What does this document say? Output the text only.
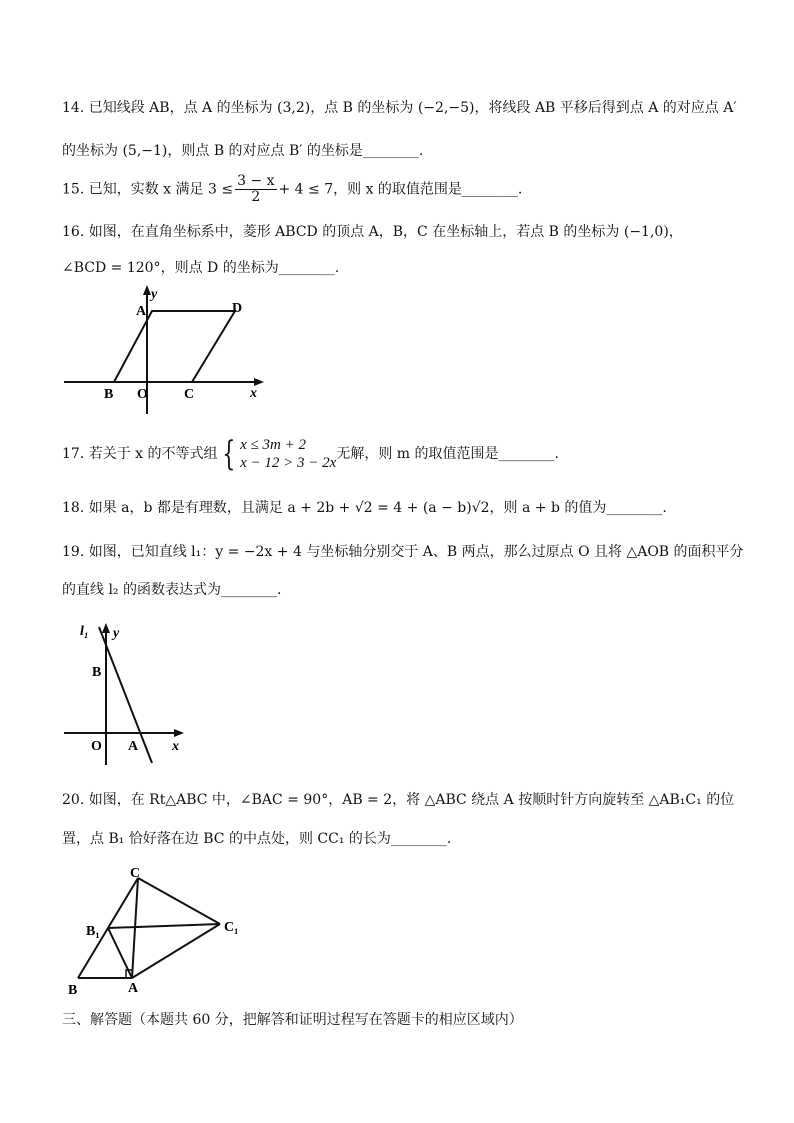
14. 已知线段 AB，点 A 的坐标为 (3,2)，点 B 的坐标为 (−2,−5)，将线段 AB 平移后得到点 A 的对应点 A′
的坐标为 (5,−1)，则点 B 的对应点 B′ 的坐标是________.
15. 已知，实数 x 满足 $3 \le \frac{3 - x}{2} + 4 \le 7$，则 x 的取值范围是________.
16. 如图，在直角坐标系中，菱形 ABCD 的顶点 A，B，C 在坐标轴上，若点 B 的坐标为 (−1,0)，
∠BCD = 120°，则点 D 的坐标为________.
y
A	D
B O	C	x
17. 若关于 x 的不等式组 { x ≤ 3m + 2
x − 12 > 3 − 2x
无解，则 m 的取值范围是________.
18. 如果 a，b 都是有理数，且满足 a + 2b + √2 = 4 + (a − b)√2，则 a + b 的值为________.
19. 如图，已知直线 l₁：y = −2x + 4 与坐标轴分别交于 A、B 两点，那么过原点 O 且将 △AOB 的面积平分
的直线 l₂ 的函数表达式为________.
l₁ y
B
O A x
20. 如图，在 Rt△ABC 中，∠BAC = 90°，AB = 2，将 △ABC 绕点 A 按顺时针方向旋转至 △AB₁C₁ 的位
置，点 B₁ 恰好落在边 BC 的中点处，则 CC₁ 的长为________.
C
B₁	C₁
B	A
三、解答题（本题共 60 分，把解答和证明过程写在答题卡的相应区域内）
